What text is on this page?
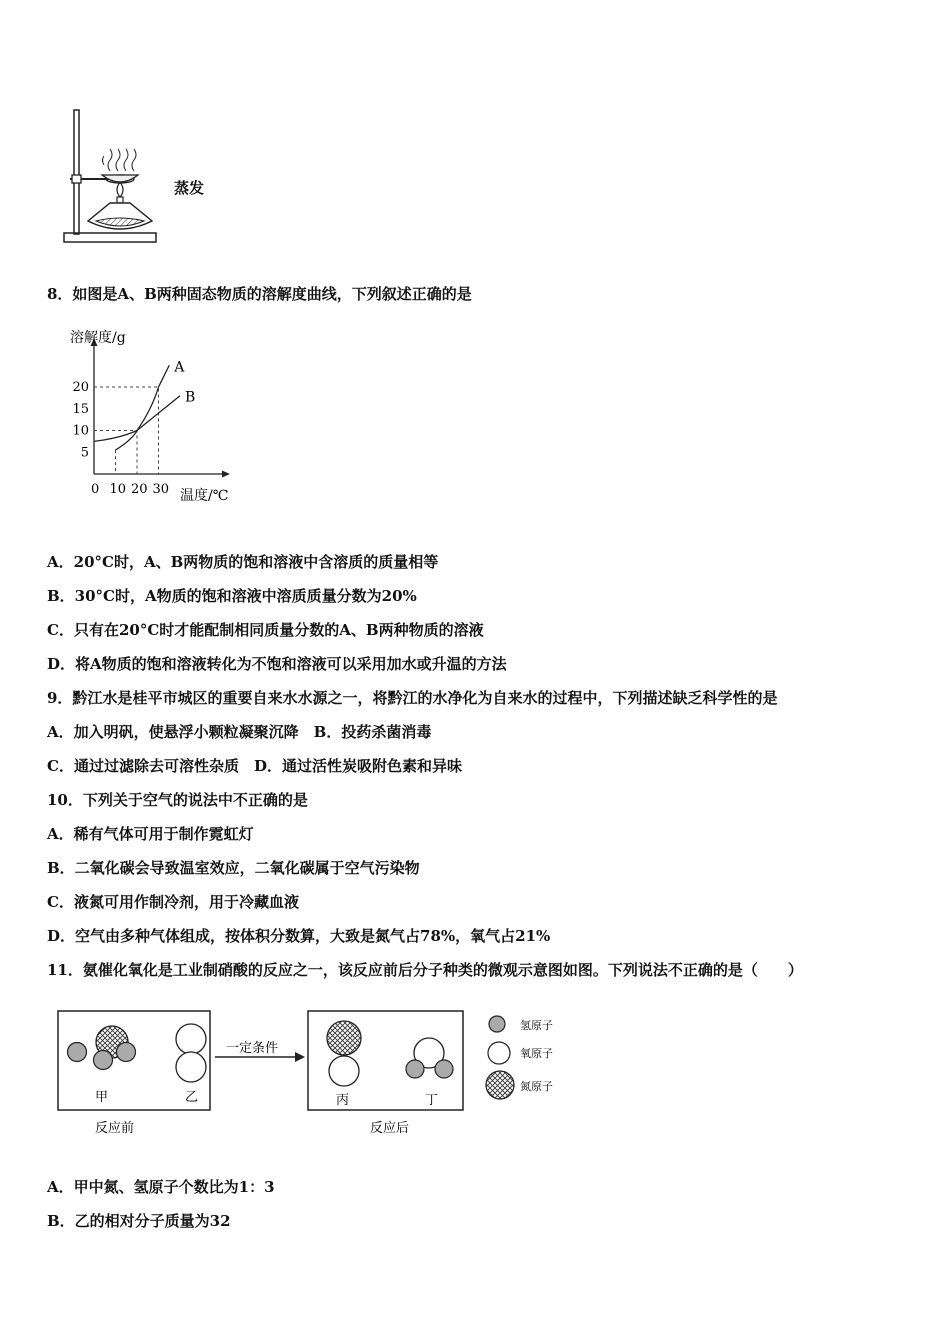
蒸发
8．如图是A、B两种固态物质的溶解度曲线，下列叙述正确的是
溶解度/g
温度/℃
0 10 20 30
5
10
15
20
A
B
A．20°C时，A、B两物质的饱和溶液中含溶质的质量相等
B．30°C时，A物质的饱和溶液中溶质质量分数为20%
C．只有在20°C时才能配制相同质量分数的A、B两种物质的溶液
D．将A物质的饱和溶液转化为不饱和溶液可以采用加水或升温的方法
9．黔江水是桂平市城区的重要自来水水源之一，将黔江的水净化为自来水的过程中，下列描述缺乏科学性的是
A．加入明矾，使悬浮小颗粒凝聚沉降　B．投药杀菌消毒
C．通过过滤除去可溶性杂质　D．通过活性炭吸附色素和异味
10．下列关于空气的说法中不正确的是
A．稀有气体可用于制作霓虹灯
B．二氧化碳会导致温室效应，二氧化碳属于空气污染物
C．液氮可用作制冷剂，用于冷藏血液
D．空气由多种气体组成，按体积分数算，大致是氮气占78%，氧气占21%
11．氨催化氧化是工业制硝酸的反应之一，该反应前后分子种类的微观示意图如图。下列说法不正确的是（　　）
甲	乙
一定条件
丙	丁
反应前	反应后
氢原子
氧原子
氮原子
A．甲中氮、氢原子个数比为1：3
B．乙的相对分子质量为32
